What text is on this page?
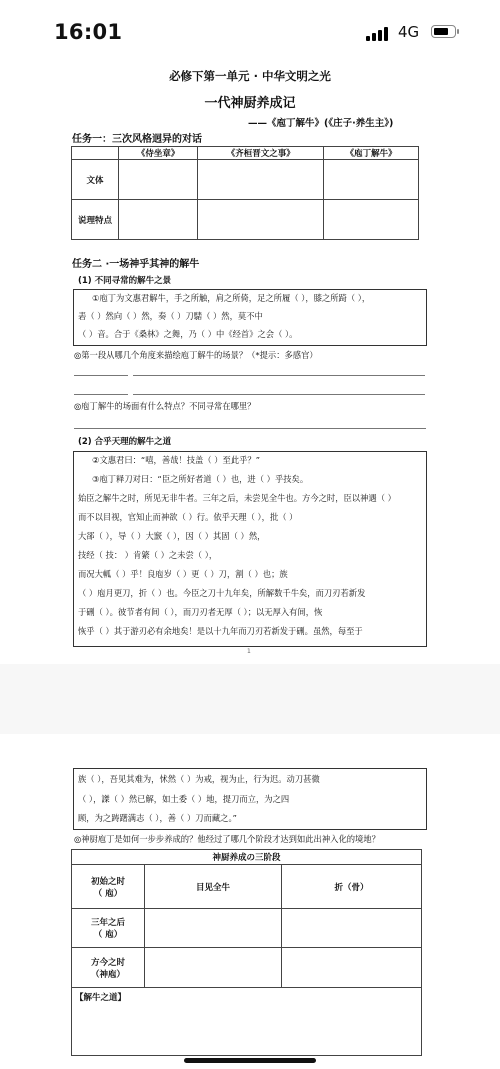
16:01	4G
必修下第一单元 · 中华文明之光
一代神厨养成记
——《庖丁解牛》(《庄子·养生主》)
任务一：三次风格迥异的对话
	《侍坐章》	《齐桓晋文之事》	《庖丁解牛》
文体			
说理特点			
任务二 ·一场神乎其神的解牛
(1) 不同寻常的解牛之景
①庖丁为文惠君解牛，手之所触，肩之所倚，足之所履（ ），膝之所踦（ ），
砉（ ）然向（ ）然，奏（ ）刀騞（ ）然，莫不中
（ ）音。合于《桑林》之舞，乃（ ）中《经首》之会（ ）。
◎第一段从哪几个角度来描绘庖丁解牛的场景？（*提示：多感官）
◎庖丁解牛的场面有什么特点？不同寻常在哪里？
(2) 合乎天理的解牛之道
②文惠君曰：“嘻，善哉！技盖（ ）至此乎？”
③庖丁释刀对曰：“臣之所好者道（ ）也，进（ ）乎技矣。
始臣之解牛之时，所见无非牛者。三年之后，未尝见全牛也。方今之时，臣以神遇（ ）
而不以目视，官知止而神欲（ ）行。依乎天理（ ），批（ ）
大郤（ ），导（ ）大窾（ ），因（ ）其固（ ）然，
技经（ 技： ）肯綮（ ）之未尝（ ），
而况大軱（ ）乎！良庖岁（ ）更（ ）刀，割（ ）也；族
（ ）庖月更刀，折（ ）也。今臣之刀十九年矣，所解数千牛矣，而刀刃若新发
于硎（ ）。彼节者有间（ ），而刀刃者无厚（ ）；以无厚入有间，恢
恢乎（ ）其于游刃必有余地矣！是以十九年而刀刃若新发于硎。虽然，每至于
1
族（ ），吾见其难为，怵然（ ）为戒，视为止，行为迟。动刀甚微
（ ），謋（ ）然已解，如土委（ ）地，提刀而立，为之四
顾，为之踌躇满志（ ），善（ ）刀而藏之。”
◎神厨庖丁是如何一步步养成的？他经过了哪几个阶段才达到如此出神入化的境地？
神厨养成の三阶段		

初始之时
（ 庖）	目见全牛	折（骨）

三年之后
（ 庖）		

方今之时
（神庖）		

【解牛之道】		
